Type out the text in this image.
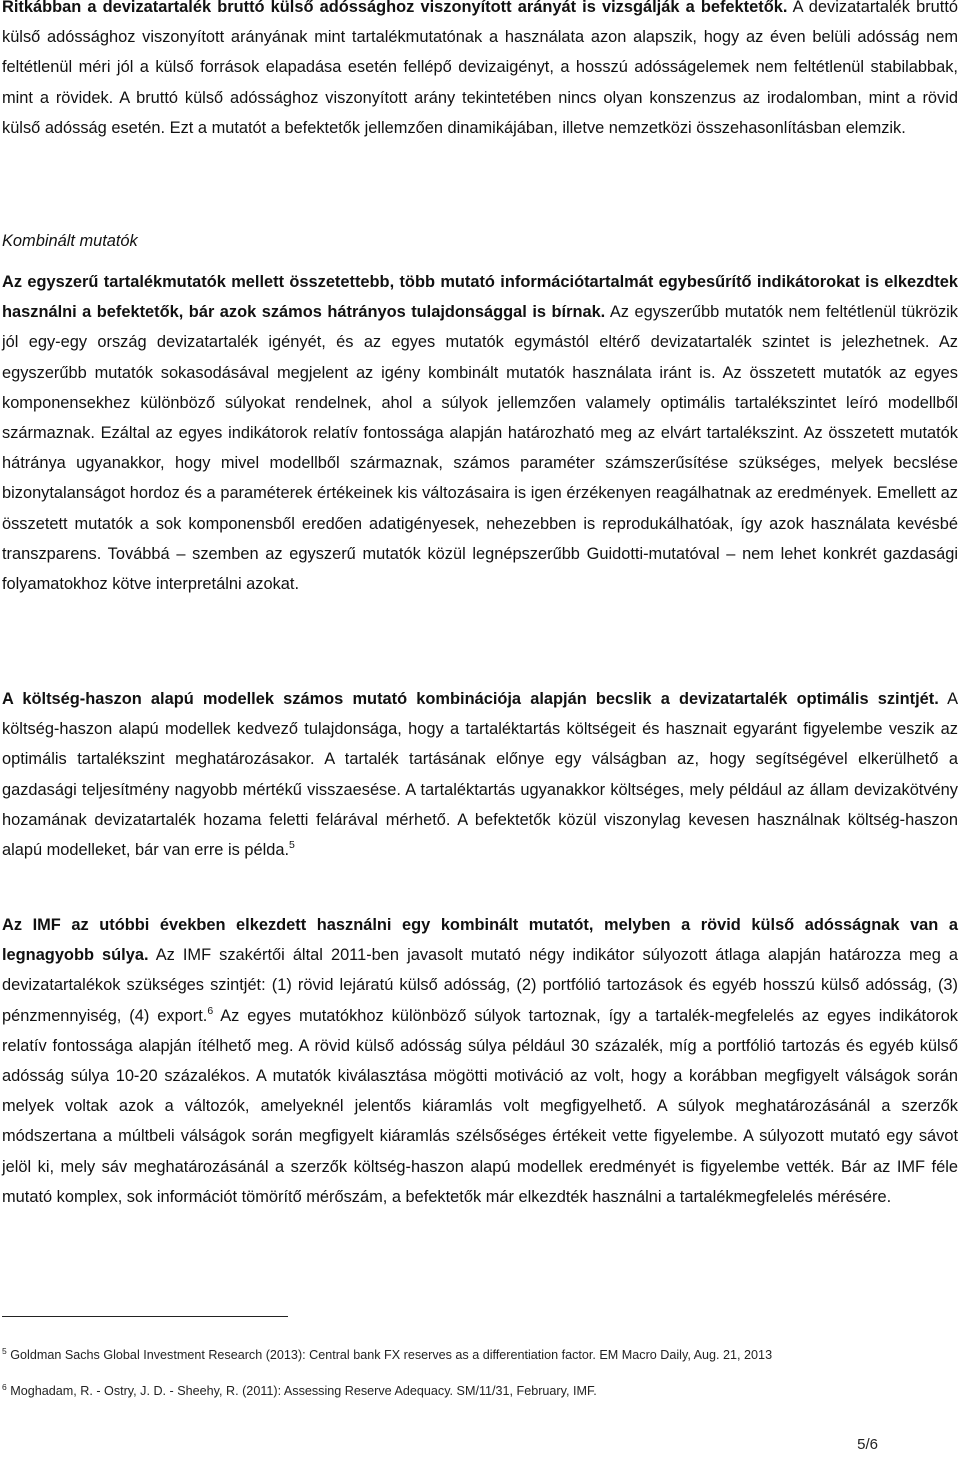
Ritkábban a devizatartalék bruttó külső adóssághoz viszonyított arányát is vizsgálják a befektetők. A devizatartalék bruttó külső adóssághoz viszonyított arányának mint tartalékmutatónak a használata azon alapszik, hogy az éven belüli adósság nem feltétlenül méri jól a külső források elapadása esetén fellépő devizaigényt, a hosszú adósságelemek nem feltétlenül stabilabbak, mint a rövidek. A bruttó külső adóssághoz viszonyított arány tekintetében nincs olyan konszenzus az irodalomban, mint a rövid külső adósság esetén. Ezt a mutatót a befektetők jellemzően dinamikájában, illetve nemzetközi összehasonlításban elemzik.

Kombinált mutatók

Az egyszerű tartalékmutatók mellett összetettebb, több mutató információtartalmát egybesűrítő indikátorokat is elkezdtek használni a befektetők, bár azok számos hátrányos tulajdonsággal is bírnak. Az egyszerűbb mutatók nem feltétlenül tükrözik jól egy-egy ország devizatartalék igényét, és az egyes mutatók egymástól eltérő devizatartalék szintet is jelezhetnek. Az egyszerűbb mutatók sokasodásával megjelent az igény kombinált mutatók használata iránt is. Az összetett mutatók az egyes komponensekhez különböző súlyokat rendelnek, ahol a súlyok jellemzően valamely optimális tartalékszintet leíró modellből származnak. Ezáltal az egyes indikátorok relatív fontossága alapján határozható meg az elvárt tartalékszint. Az összetett mutatók hátránya ugyanakkor, hogy mivel modellből származnak, számos paraméter számszerűsítése szükséges, melyek becslése bizonytalanságot hordoz és a paraméterek értékeinek kis változásaira is igen érzékenyen reagálhatnak az eredmények. Emellett az összetett mutatók a sok komponensből eredően adatigényesek, nehezebben is reprodukálhatóak, így azok használata kevésbé transzparens. Továbbá – szemben az egyszerű mutatók közül legnépszerűbb Guidotti-mutatóval – nem lehet konkrét gazdasági folyamatokhoz kötve interpretálni azokat.

A költség-haszon alapú modellek számos mutató kombinációja alapján becslik a devizatartalék optimális szintjét. A költség-haszon alapú modellek kedvező tulajdonsága, hogy a tartaléktartás költségeit és hasznait egyaránt figyelembe veszik az optimális tartalékszint meghatározásakor. A tartalék tartásának előnye egy válságban az, hogy segítségével elkerülhető a gazdasági teljesítmény nagyobb mértékű visszaesése. A tartaléktartás ugyanakkor költséges, mely például az állam devizakötvény hozamának devizatartalék hozama feletti felárával mérhető. A befektetők közül viszonylag kevesen használnak költség-haszon alapú modelleket, bár van erre is példa.$^5$

Az IMF az utóbbi években elkezdett használni egy kombinált mutatót, melyben a rövid külső adósságnak van a legnagyobb súlya. Az IMF szakértői által 2011-ben javasolt mutató négy indikátor súlyozott átlaga alapján határozza meg a devizatartalékok szükséges szintjét: (1) rövid lejáratú külső adósság, (2) portfólió tartozások és egyéb hosszú külső adósság, (3) pénzmennyiség, (4) export.$^6$ Az egyes mutatókhoz különböző súlyok tartoznak, így a tartalék-megfelelés az egyes indikátorok relatív fontossága alapján ítélhető meg. A rövid külső adósság súlya például 30 százalék, míg a portfólió tartozás és egyéb külső adósság súlya 10-20 százalékos. A mutatók kiválasztása mögötti motiváció az volt, hogy a korábban megfigyelt válságok során melyek voltak azok a változók, amelyeknél jelentős kiáramlás volt megfigyelhető. A súlyok meghatározásánál a szerzők módszertana a múltbeli válságok során megfigyelt kiáramlás szélsőséges értékeit vette figyelembe. A súlyozott mutató egy sávot jelöl ki, mely sáv meghatározásánál a szerzők költség-haszon alapú modellek eredményét is figyelembe vették. Bár az IMF féle mutató komplex, sok információt tömörítő mérőszám, a befektetők már elkezdték használni a tartalékmegfelelés mérésére.

$^5$ Goldman Sachs Global Investment Research (2013): Central bank FX reserves as a differentiation factor. EM Macro Daily, Aug. 21, 2013
$^6$ Moghadam, R. - Ostry, J. D. - Sheehy, R. (2011): Assessing Reserve Adequacy. SM/11/31, February, IMF.
5/6
